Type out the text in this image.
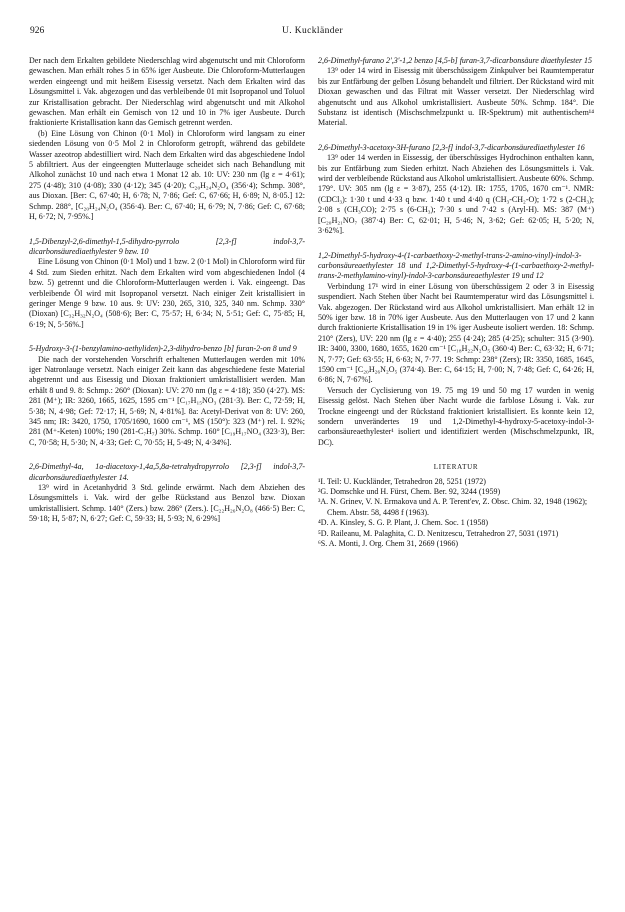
926	U. Kuckländer

Der nach dem Erkalten gebildete Niederschlag wird abgenutscht und mit Chloroform gewaschen. Man erhält rohes 5 in 65% iger Ausbeute. Die Chloroform-Mutterlaugen werden eingeengt und mit heißem Eisessig versetzt. Nach dem Erkalten wird das Lösungsmittel i. Vak. abgezogen und das verbleibende 01 mit Isopropanol und Toluol zur Kristallisation gebracht. Der Niederschlag wird abgenutscht und mit Alkohol gewaschen. Man erhält ein Gemisch von 12 und 10 in 7% iger Ausbeute. Durch fraktionierte Kristallisation kann das Gemisch getrennt werden.

(b) Eine Lösung von Chinon (0·1 Mol) in Chloroform wird langsam zu einer siedenden Lösung von 0·5 Mol 2 in Chloroform getropft, während das gebildete Wasser azeotrop abdestilliert wird. Nach dem Erkalten wird das abgeschiedene Indol 5 abfiltriert. Aus der eingeengten Mutterlauge scheidet sich nach Behandlung mit Alkohol zunächst 10 und nach etwa 1 Monat 12 ab. 10: UV: 230 nm (lg ε = 4·61); 275 (4·48); 310 (4·08); 330 (4·12); 345 (4·20); C₂₀H₂₄N₂O₄ (356·4); Schmp. 308°, aus Dioxan. [Ber: C, 67·40; H, 6·78; N, 7·86; Gef: C, 67·66; H, 6·89; N, 8·05.] 12: Schmp. 288°, [C₂₀H₂₄N₂O₄ (356·4). Ber: C, 67·40; H, 6·79; N, 7·86; Gef: C, 67·68; H, 6·72; N, 7·95%.]

1,5-Dibenzyl-2,6-dimethyl-1,5-dihydro-pyrrolo [2,3-f] indol-3,7-dicarbonsäurediaethylester 9 bzw. 10

Eine Lösung von Chinon (0·1 Mol) und 1 bzw. 2 (0·1 Mol) in Chloroform wird für 4 Std. zum Sieden erhitzt. Nach dem Erkalten wird vom abgeschiedenen Indol (4 bzw. 5) getrennt und die Chloroform-Mutterlaugen werden i. Vak. eingeengt. Das verbleibende Öl wird mit Isopropanol versetzt. Nach einiger Zeit kristallisiert in geringer Menge 9 bzw. 10 aus. 9: UV: 230, 265, 310, 325, 340 nm. Schmp. 330° (Dioxan) [C₃₂H₃₂N₂O₄ (508·6); Ber: C, 75·57; H, 6·34; N, 5·51; Gef: C, 75·85; H, 6·19; N, 5·56%.]

5-Hydroxy-3-(1-benzylamino-aethyliden)-2,3-dihydro-benzo [b] furan-2-on 8 und 9

Die nach der vorstehenden Vorschrift erhaltenen Mutterlaugen werden mit 10% iger Natronlauge versetzt. Nach einiger Zeit kann das abgeschiedene feste Material abgetrennt und aus Eisessig und Dioxan fraktioniert umkristallisiert werden. Man erhält 8 und 9. 8: Schmp.: 260° (Dioxan): UV: 270 nm (lg ε = 4·18); 350 (4·27). MS: 281 (M⁺); IR: 3260, 1665, 1625, 1595 cm⁻¹ [C₁₇H₁₅NO₃ (281·3). Ber: C, 72·59; H, 5·38; N, 4·98; Gef: 72·17; H, 5·69; N, 4·81%]. 8a: Acetyl-Derivat von 8: UV: 260, 345 nm; IR: 3420, 1750, 1705/1690, 1600 cm⁻¹, MS (150°): 323 (M⁺) rel. I. 92%; 281 (M⁺-Keten) 100%; 190 (281-C₇H₇) 30%. Schmp. 160° [C₁₉H₁₇NO₄ (323·3), Ber: C, 70·58; H, 5·30; N, 4·33; Gef: C, 70·55; H, 5·49; N, 4·34%].

2,6-Dimethyl-4a, 1a-diacetoxy-1,4a,5,8a-tetrahydropyrrolo [2,3-f] indol-3,7-dicarbonsäurediaethylester 14.

13⁹ wird in Acetanhydrid 3 Std. gelinde erwärmt. Nach dem Abziehen des Lösungsmittels i. Vak. wird der gelbe Rückstand aus Benzol bzw. Dioxan umkristallisiert. Schmp. 140° (Zers.) bzw. 286° (Zers.). [C₂₂H₂₆N₂O₈ (466·5) Ber: C, 59·18; H, 5·87; N, 6·27; Gef: C, 59·33; H, 5·93; N, 6·29%]

2,6-Dimethyl-furano 2′,3′-1,2 benzo [4,5-b] furan-3,7-dicarbonsäure diaethylester 15

13⁹ oder 14 wird in Eisessig mit überschüssigem Zinkpulver bei Raumtemperatur bis zur Entfärbung der gelben Lösung behandelt und filtriert. Der Rückstand wird mit Dioxan gewaschen und das Filtrat mit Wasser versetzt. Der Niederschlag wird abgenutscht und aus Alkohol umkristallisiert. Ausbeute 50%. Schmp. 184°. Die Substanz ist identisch (Mischschmelzpunkt u. IR-Spektrum) mit authentischem¹⁴ Material.

2,6-Dimethyl-3-acetoxy-3H-furano [2,3-f] indol-3,7-dicarbonsäurediaethylester 16

13⁹ oder 14 werden in Eissessig, der überschüssiges Hydrochinon enthalten kann, bis zur Entfärbung zum Sieden erhitzt. Nach Abziehen des Lösungsmittels i. Vak. wird der verbleibende Rückstand aus Alkohol umkristallisiert. Ausbeute 60%. Schmp. 179°. UV: 305 nm (lg ε = 3·87), 255 (4·12). IR: 1755, 1705, 1670 cm⁻¹. NMR: (CDCl₃): 1·30 t und 4·33 q bzw. 1·40 t und 4·40 q (CH₃-CH₂-O); 1·72 s (2-CH₃); 2·08 s (CH₃CO); 2·75 s (6-CH₃); 7·30 s und 7·42 s (Aryl-H). MS: 387 (M⁺) [C₂₀H₂₁NO₇ (387·4) Ber: C, 62·01; H, 5·46; N, 3·62; Gef: 62·05; H, 5·20; N, 3·62%].

1,2-Dimethyl-5-hydroxy-4-(1-carbaethoxy-2-methyl-trans-2-amino-vinyl)-indol-3-carbonsäureaethylester 18 und 1,2-Dimethyl-5-hydroxy-4-(1-carbaethoxy-2-methyl-trans-2-methylamino-vinyl)-indol-3-carbonsäureaethylester 19 und 12

Verbindung 17¹ wird in einer Lösung von überschüssigem 2 oder 3 in Eisessig suspendiert. Nach Stehen über Nacht bei Raumtemperatur wird das Lösungsmittel i. Vak. abgezogen. Der Rückstand wird aus Alkohol umkristallisiert. Man erhält 12 in 50% iger bzw. 18 in 70% iger Ausbeute. Aus den Mutterlaugen von 17 und 2 kann durch fraktionierte Kristallisation 19 in 1% iger Ausbeute isoliert werden. 18: Schmp. 210° (Zers), UV: 220 nm (lg ε = 4·40); 255 (4·24); 285 (4·25); schulter: 315 (3·90). IR: 3400, 3300, 1680, 1655, 1620 cm⁻¹ [C₁₈H₂₂N₂O₅ (360·4) Ber: C, 63·32; H, 6·71; N, 7·77; Gef: 63·55; H, 6·63; N, 7·77. 19: Schmp: 238° (Zers); IR: 3350, 1685, 1645, 1590 cm⁻¹ [C₂₀H₂₆N₂O₅ (374·4). Ber: C, 64·15; H, 7·00; N, 7·48; Gef: C, 64·26; H, 6·86; N, 7·67%].

Versuch der Cyclisierung von 19. 75 mg 19 und 50 mg 17 wurden in wenig Eisessig gelöst. Nach Stehen über Nacht wurde die farblose Lösung i. Vak. zur Trockne eingeengt und der Rückstand fraktioniert kristallisiert. Es konnte kein 12, sondern unverändertes 19 und 1,2-Dimethyl-4-hydroxy-5-acetoxy-indol-3-carbonsäureaethylester¹ isoliert und identifiziert werden (Mischschmelzpunkt, IR, DC).

LITERATUR

¹I. Teil: U. Kuckländer, Tetrahedron 28, 5251 (1972)
²G. Domschke und H. Fürst, Chem. Ber. 92, 3244 (1959)
³A. N. Grinev, V. N. Ermakova und A. P. Terent'ev, Z. Obsc. Chim. 32, 1948 (1962); Chem. Abstr. 58, 4498 f (1963).
⁴D. A. Kinsley, S. G. P. Plant, J. Chem. Soc. 1 (1958)
⁵D. Raileanu, M. Palaghita, C. D. Nenitzescu, Tetrahedron 27, 5031 (1971)
⁶S. A. Monti, J. Org. Chem 31, 2669 (1966)
